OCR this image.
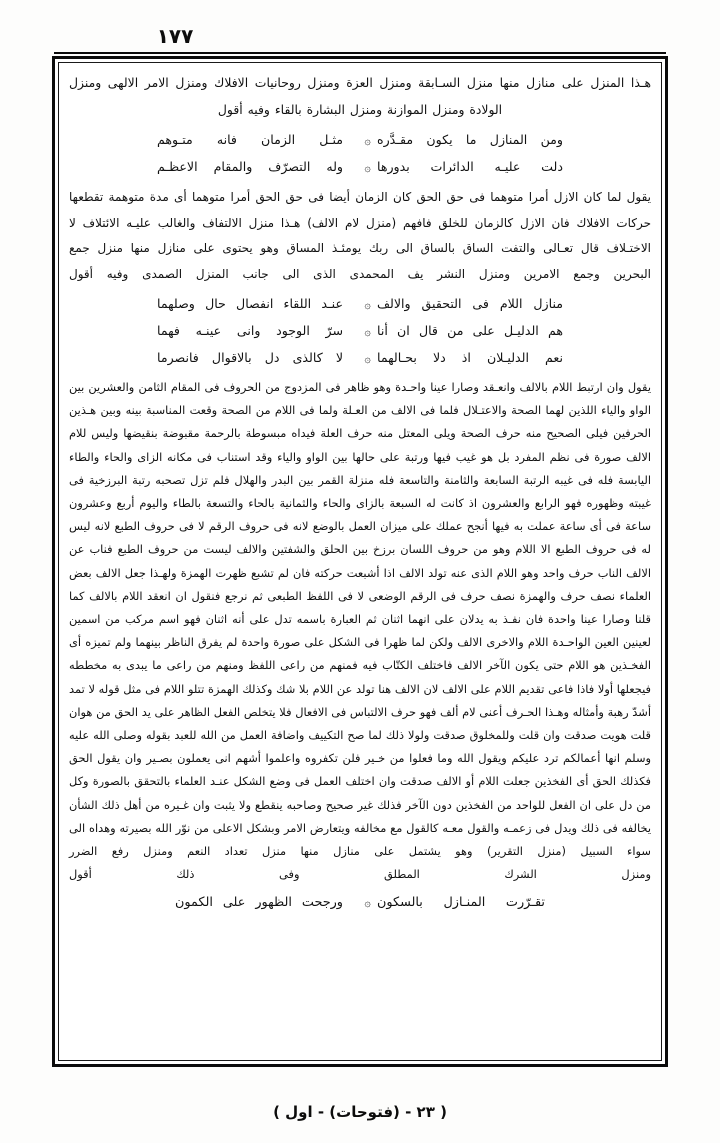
١٧٧

هـذا المنزل على منازل منها منزل السـابقة ومنزل العزة ومنزل روحانيات الافلاك ومنزل الامر الالهى ومنزل
الولادة ومنزل الموازنة ومنزل البشارة بالقاء وفيه أقول

ومن المنازل ما يكون مقـدَّره
۞
مثـل الزمان فانه متـوهم
دلت عليـه الدائرات بدورها
۞
وله التصرّف والمقام الاعظـم

يقول لما كان الازل أمرا متوهما فى حق الحق كان الزمان أيضا فى حق الحق أمرا متوهما أى مدة متوهمة تقطعها حركات الافلاك فان الازل كالزمان للخلق فافهم (منزل لام الالف) هـذا منزل الالتفاف والغالب عليـه الائتلاف لا الاختـلاف قال تعـالى والتفت الساق بالساق الى ربك يومئـذ المساق وهو يحتوى على منازل منها منزل جمع
البحرين وجمع الامرين ومنزل النشر يف المحمدى الذى الى جانب المنزل الصمدى وفيه أقول

منازل اللام فى التحقيق والالف
۞
عنـد اللقاء انفصال حال وصلهما
هم الدليـل على من قال ان أنا
۞
سرّ الوجود وانى عينـه فهما
نعم الدليـلان اذ دلا بحـالهما
۞
لا كالذى دل بالاقوال فانصرما

يقول وان ارتبط اللام بالالف وانعـقد وصارا عينا واحـدة وهو ظاهر فى المزدوج من الحروف فى المقام الثامن والعشرين بين الواو والياء اللذين لهما الصحة والاعتـلال فلما فى الالف من العـلة ولما فى اللام من الصحة وقعت المناسبة بينه وبين هـذين الحرفين فيلى الصحيح منه حرف الصحة ويلى المعتل منه حرف العلة فيداه مبسوطة بالرحمة مقبوضة بنقيضها وليس للام الالف صورة فى نظم المفرد بل هو غيب فيها ورتبة على حالها بين الواو والياء وقد استناب فى مكانه الزاى والحاء والطاء اليابسة فله فى غيبه الرتبة السابعة والثامنة والتاسعة فله منزلة القمر بين البدر والهلال فلم تزل تصحبه رتبة البرزخية فى غيبته وظهوره فهو الرابع والعشرون اذ كانت له السبعة بالزاى والحاء والثمانية بالحاء والتسعة بالطاء واليوم أربع وعشرون ساعة فى أى ساعة عملت به فيها أنجح عملك على ميزان العمل بالوضع لانه فى حروف الرقم لا فى حروف الطبع لانه ليس له فى حروف الطبع الا اللام وهو من حروف اللسان برزخ بين الحلق والشفتين والالف ليست من حروف الطبع فناب عن الالف الناب حرف واحد وهو اللام الذى عنه تولد الالف اذا أشبعت حركته فان لم تشبع ظهرت الهمزة ولهـذا جعل الالف بعض العلماء نصف حرف والهمزة نصف حرف فى الرقم الوضعى لا فى اللفظ الطبعى ثم نرجع فنقول ان انعقد اللام بالالف كما قلنا وصارا عينا واحدة فان نفـذ به يدلان على انهما اثنان ثم العبارة باسمه تدل على أنه اثنان فهو اسم مركب من اسمين لعينين العين الواحـدة اللام والاخرى الالف ولكن لما ظهرا فى الشكل على صورة واحدة لم يفرق الناظر بينهما ولم تميزه أى الفخـذين هو اللام حتى يكون الآخر الالف فاختلف الكتّاب فيه فمنهم من راعى اللفظ ومنهم من راعى ما يبدى به مخططه فيجعلها أولا فاذا فاعى تقديم اللام على الالف لان الالف هنا تولد عن اللام بلا شك وكذلك الهمزة تتلو اللام فى مثل قوله لا تمد أشدّ رهبة وأمثاله وهـذا الحـرف أعنى لام ألف فهو حرف الالتباس فى الافعال فلا يتخلص الفعل الظاهر على يد الحق من هوان قلت هويت صدقت وان قلت وللمخلوق صدقت ولولا ذلك لما صح التكييف واضافة العمل من الله للعبد بقوله وصلى الله عليه وسلم انها أعمالكم ترد عليكم ويقول الله وما فعلوا من خـير فلن تكفروه واعلموا أشهم انى يعملون بصـير وان يقول الحق فكذلك الحق أى الفخذين جعلت اللام أو الالف صدقت وان اختلف العمل فى وضع الشكل عنـد العلماء بالتحقق بالصورة وكل من دل على ان الفعل للواحد من الفخذين دون الآخر فذلك غير صحيح وصاحبه ينقطع ولا يثبت وان غـيره من أهل ذلك الشأن يخالفه فى ذلك ويدل فى زعمـه والقول معـه كالقول مع مخالفه ويتعارض الامر وبشكل الاعلى من نوّر الله بصيرته وهداه الى سواء السبيل (منزل التقرير) وهو يشتمل على منازل منها منزل تعداد النعم ومنزل رفع الضرر
ومنزل الشرك المطلق وفى ذلك أقول

تقـرّرت المنـازل بالسكون
۞
ورجحت الظهور على الكمون
( ٢٣ - (فتوحات) - اول )
